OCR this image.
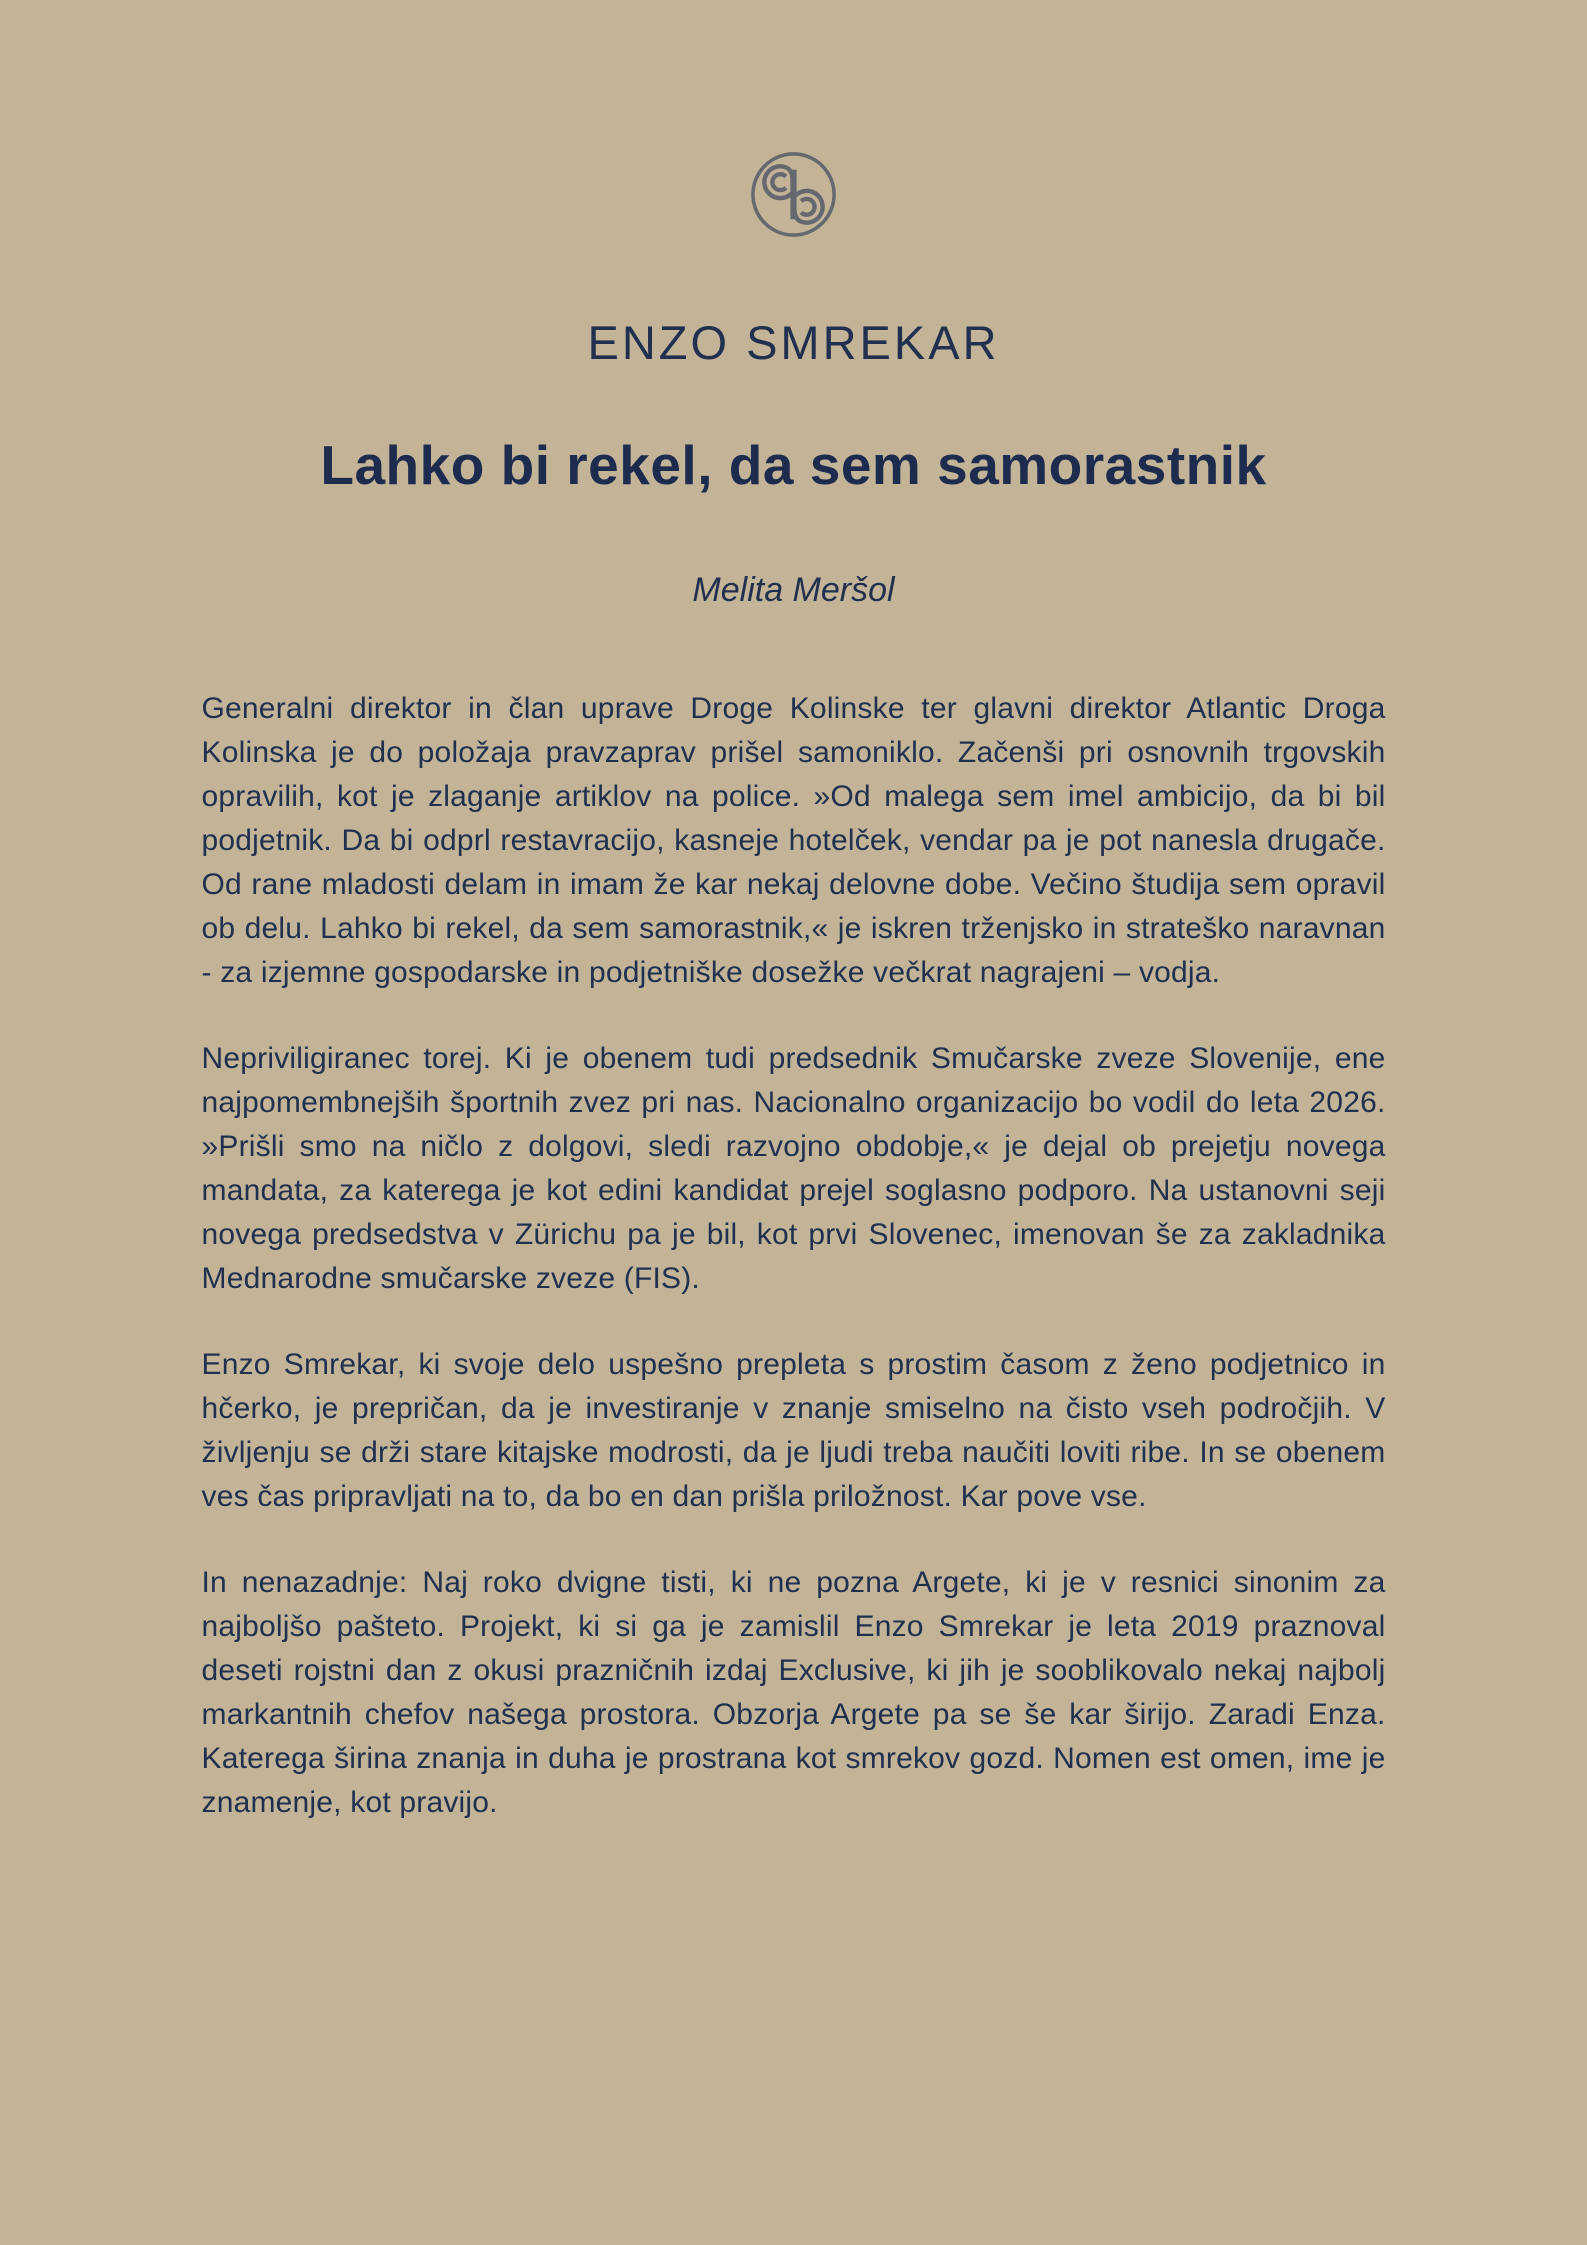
ENZO SMREKAR
Lahko bi rekel, da sem samorastnik
Melita Meršol

Generalni direktor in član uprave Droge Kolinske ter glavni direktor Atlantic Droga Kolinska je do položaja pravzaprav prišel samoniklo. Začenši pri osnovnih trgovskih opravilih, kot je zlaganje artiklov na police. »Od malega sem imel ambicijo, da bi bil podjetnik. Da bi odprl restavracijo, kasneje hotelček, vendar pa je pot nanesla drugače. Od rane mladosti delam in imam že kar nekaj delovne dobe. Večino študija sem opravil ob delu. Lahko bi rekel, da sem samorastnik,« je iskren trženjsko in strateško naravnan - za izjemne gospodarske in podjetniške dosežke večkrat nagrajeni – vodja.

Nepriviligiranec torej. Ki je obenem tudi predsednik Smučarske zveze Slovenije, ene najpomembnejših športnih zvez pri nas. Nacionalno organizacijo bo vodil do leta 2026. »Prišli smo na ničlo z dolgovi, sledi razvojno obdobje,« je dejal ob prejetju novega mandata, za katerega je kot edini kandidat prejel soglasno podporo. Na ustanovni seji novega predsedstva v Zürichu pa je bil, kot prvi Slovenec, imenovan še za zakladnika Mednarodne smučarske zveze (FIS).

Enzo Smrekar, ki svoje delo uspešno prepleta s prostim časom z ženo podjetnico in hčerko, je prepričan, da je investiranje v znanje smiselno na čisto vseh področjih. V življenju se drži stare kitajske modrosti, da je ljudi treba naučiti loviti ribe. In se obenem ves čas pripravljati na to, da bo en dan prišla priložnost. Kar pove vse.

In nenazadnje: Naj roko dvigne tisti, ki ne pozna Argete, ki je v resnici sinonim za najboljšo pašteto. Projekt, ki si ga je zamislil Enzo Smrekar je leta 2019 praznoval deseti rojstni dan z okusi prazničnih izdaj Exclusive, ki jih je sooblikovalo nekaj najbolj markantnih chefov našega prostora. Obzorja Argete pa se še kar širijo. Zaradi Enza. Katerega širina znanja in duha je prostrana kot smrekov gozd. Nomen est omen, ime je znamenje, kot pravijo.
